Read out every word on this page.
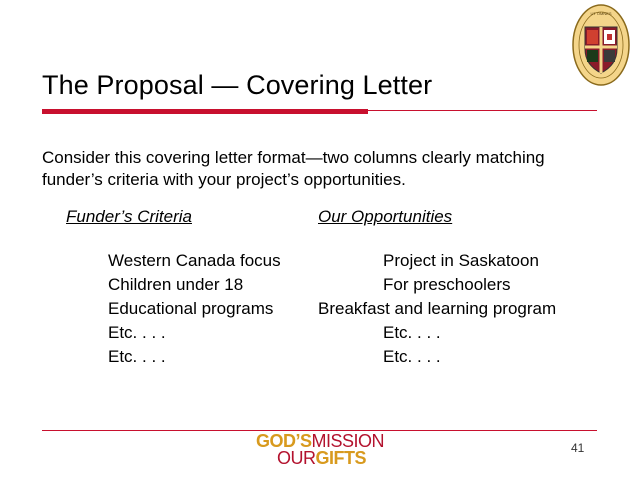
UT OMNES
The Proposal — Covering Letter
Consider this covering letter format—two columns clearly matching funder’s criteria with your project’s opportunities.
Funder’s Criteria	Our Opportunities
Western Canada focus	Project in Saskatoon
Children under 18	For preschoolers
Educational programs	Breakfast and learning program
Etc. . . .	Etc. . . .
Etc. . . .	Etc. . . .
GOD’SMISSION
OURGIFTS	41
